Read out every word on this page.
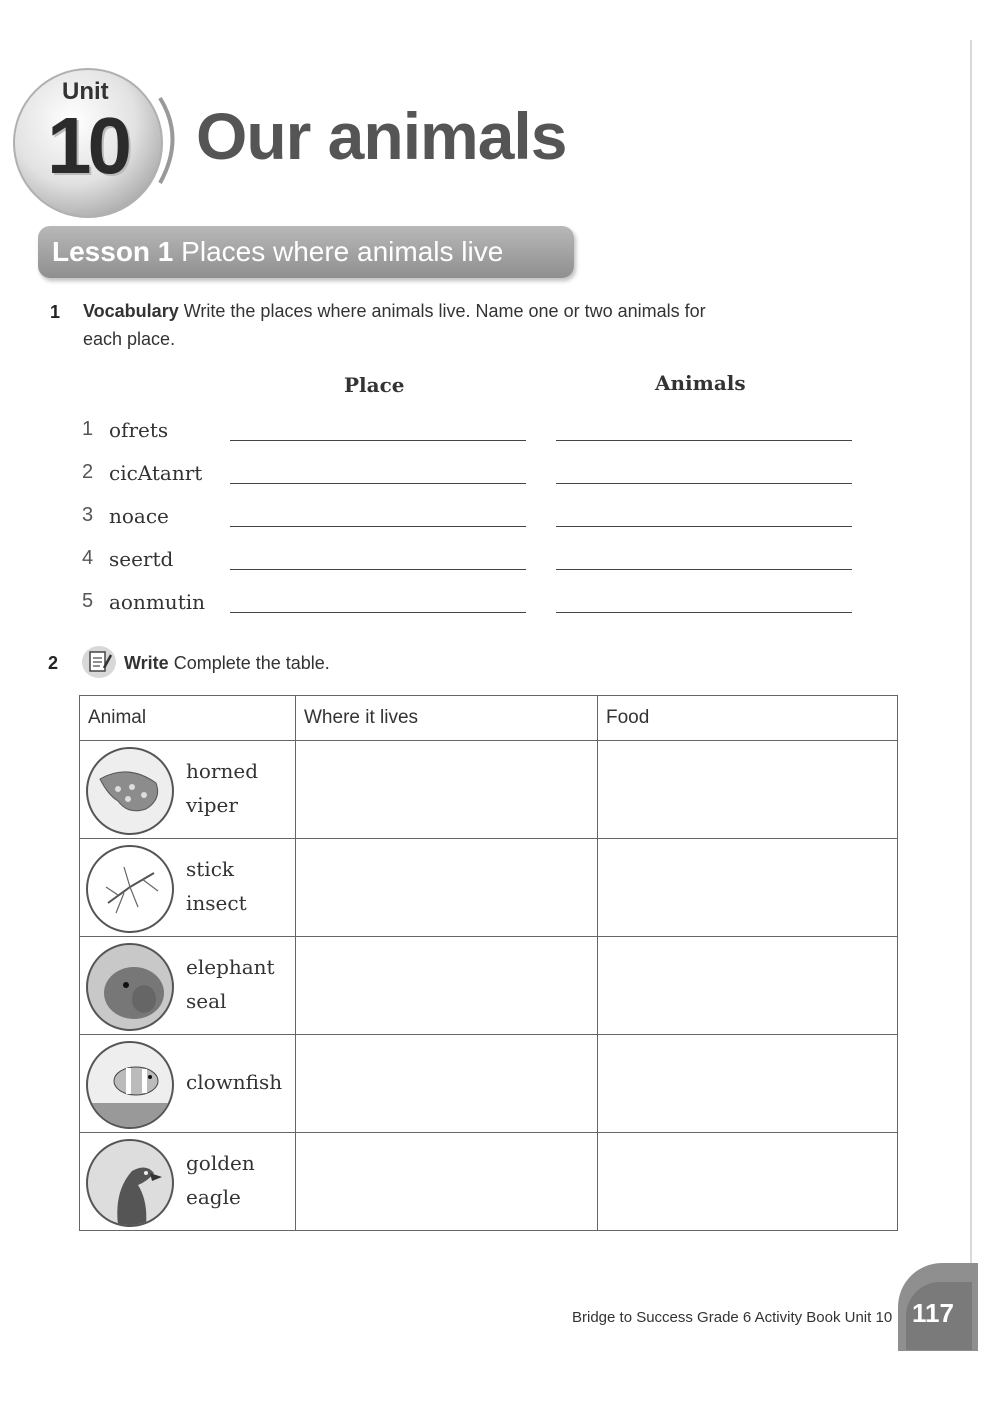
Unit
10 Our animals
Lesson 1 Places where animals live
1 Vocabulary Write the places where animals live. Name one or two animals for
each place.
Place	Animals
1 ofrets
2 cicAtanrt
3 noace
4 seertd
5 aonmutin
2	Write Complete the table.
Animal	Where it lives	Food

horned
viper		

stick
insect		

elephant
seal		

clownfish		

golden
eagle		

Bridge to Success Grade 6 Activity Book Unit 10 117
